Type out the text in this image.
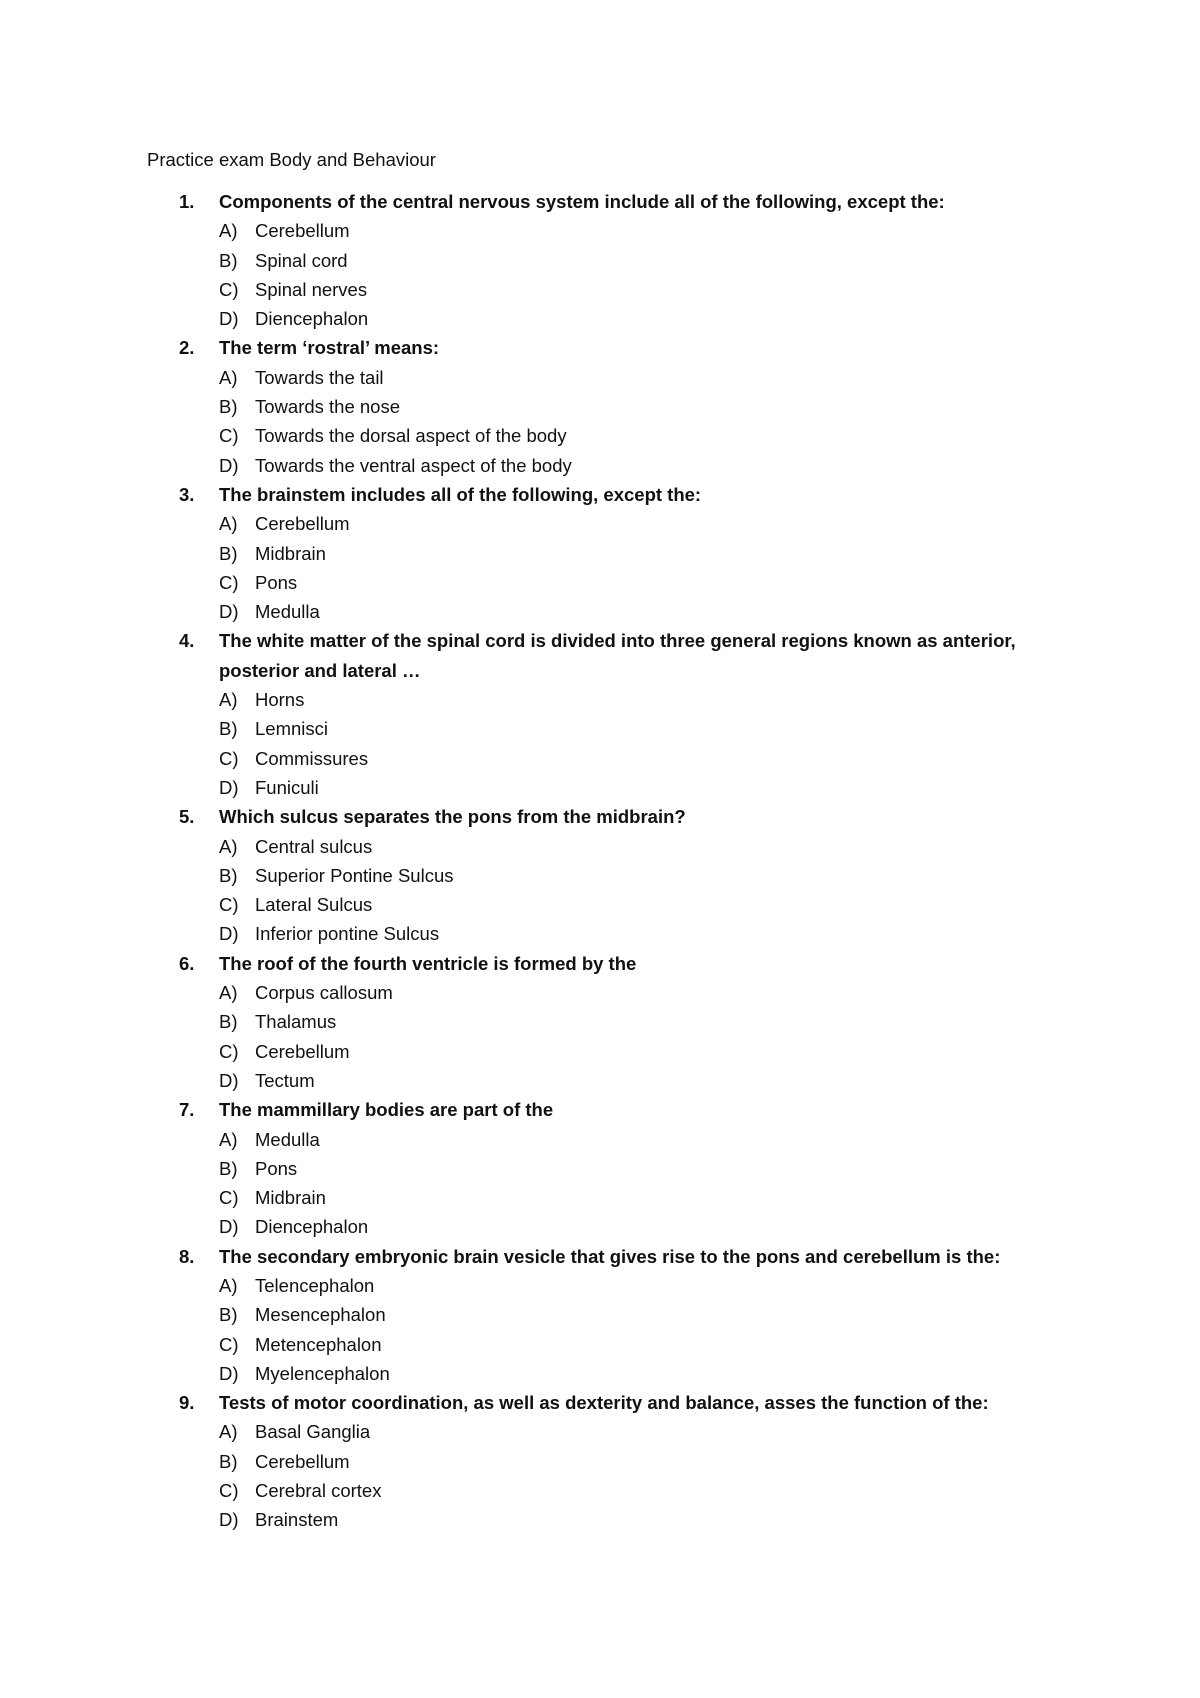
Practice exam Body and Behaviour
1. Components of the central nervous system include all of the following, except the:
A) Cerebellum
B) Spinal cord
C) Spinal nerves
D) Diencephalon
2. The term ‘rostral’ means:
A) Towards the tail
B) Towards the nose
C) Towards the dorsal aspect of the body
D) Towards the ventral aspect of the body
3. The brainstem includes all of the following, except the:
A) Cerebellum
B) Midbrain
C) Pons
D) Medulla
4. The white matter of the spinal cord is divided into three general regions known as anterior, posterior and lateral …
A) Horns
B) Lemnisci
C) Commissures
D) Funiculi
5. Which sulcus separates the pons from the midbrain?
A) Central sulcus
B) Superior Pontine Sulcus
C) Lateral Sulcus
D) Inferior pontine Sulcus
6. The roof of the fourth ventricle is formed by the
A) Corpus callosum
B) Thalamus
C) Cerebellum
D) Tectum
7. The mammillary bodies are part of the
A) Medulla
B) Pons
C) Midbrain
D) Diencephalon
8. The secondary embryonic brain vesicle that gives rise to the pons and cerebellum is the:
A) Telencephalon
B) Mesencephalon
C) Metencephalon
D) Myelencephalon
9. Tests of motor coordination, as well as dexterity and balance, asses the function of the:
A) Basal Ganglia
B) Cerebellum
C) Cerebral cortex
D) Brainstem
